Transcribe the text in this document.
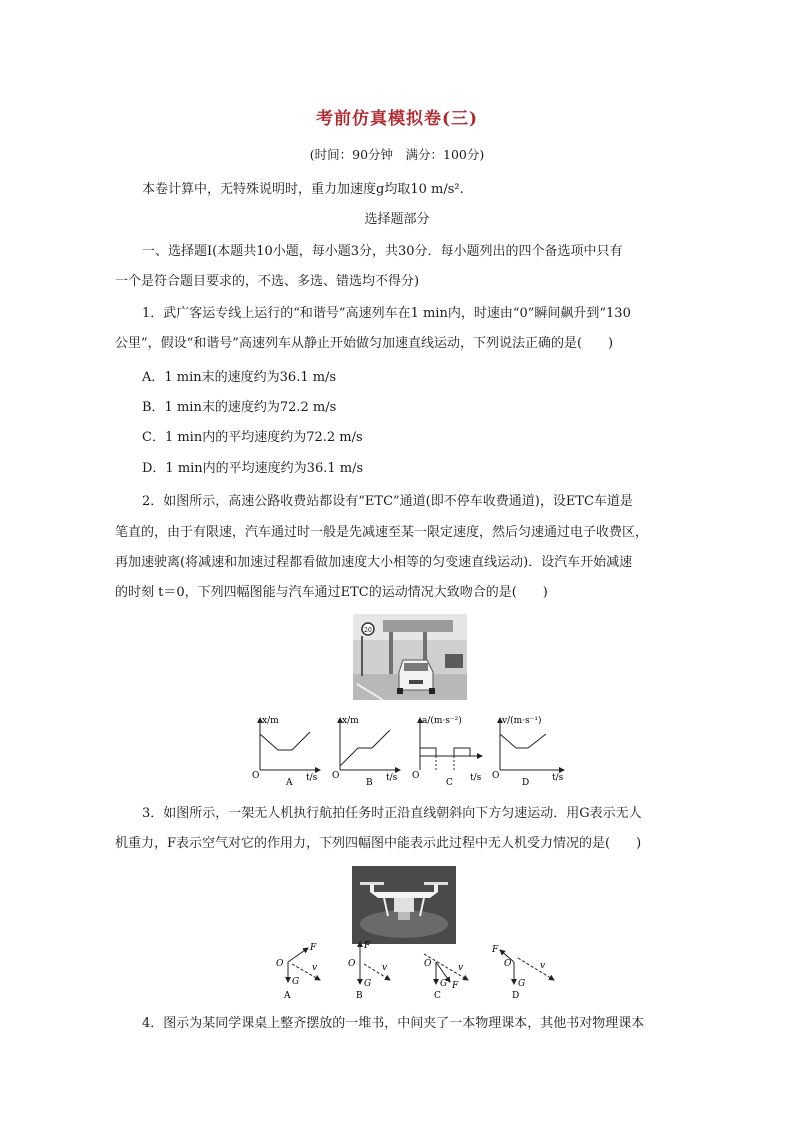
考前仿真模拟卷(三)
(时间：90分钟　满分：100分)
本卷计算中，无特殊说明时，重力加速度g均取10 m/s².
选择题部分
一、选择题Ⅰ(本题共10小题，每小题3分，共30分．每小题列出的四个备选项中只有
一个是符合题目要求的，不选、多选、错选均不得分)
1．武广客运专线上运行的“和谐号”高速列车在1 min内，时速由“0”瞬间飙升到“130
公里”，假设“和谐号”高速列车从静止开始做匀加速直线运动，下列说法正确的是(　　)
A．1 min末的速度约为36.1 m/s
B．1 min末的速度约为72.2 m/s
C．1 min内的平均速度约为72.2 m/s
D．1 min内的平均速度约为36.1 m/s
2．如图所示，高速公路收费站都设有“ETC”通道(即不停车收费通道)，设ETC车道是
笔直的，由于有限速，汽车通过时一般是先减速至某一限定速度，然后匀速通过电子收费区，
再加速驶离(将减速和加速过程都看做加速度大小相等的匀变速直线运动)．设汽车开始减速
的时刻 t＝0，下列四幅图能与汽车通过ETC的运动情况大致吻合的是(　　)
20
x/m
t/s
O
A
x/m
t/s
O
B
a/(m·s⁻²)
t/s
O
C
v/(m·s⁻¹)
t/s
O
D
3．如图所示，一架无人机执行航拍任务时正沿直线朝斜向下方匀速运动．用G表示无人
机重力，F表示空气对它的作用力，下列四幅图中能表示此过程中无人机受力情况的是(　　)
F
O
G
v
A
F
O
G
v
B
O
G F
v
C
F
O
G
v
D
4．图示为某同学课桌上整齐摆放的一堆书，中间夹了一本物理课本，其他书对物理课本
